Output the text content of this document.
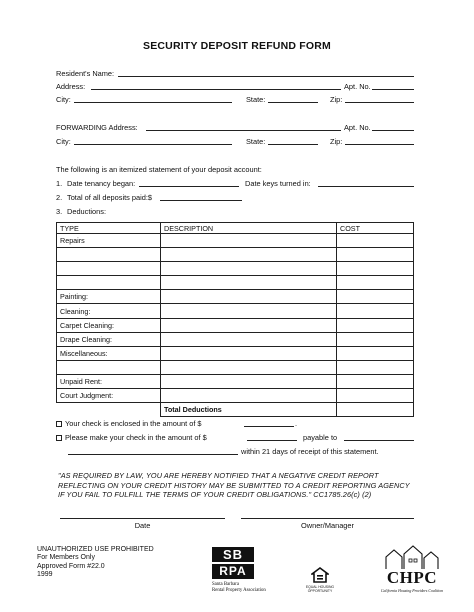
SECURITY DEPOSIT REFUND FORM
Resident's Name:
Address:	Apt. No.
City:	State:	Zip:
FORWARDING Address:	Apt. No.
City:	State:	Zip:
The following is an itemized statement of your deposit account:
1. Date tenancy began:	Date keys turned in:
2. Total of all deposits paid:$
3. Deductions:
TYPE	DESCRIPTION	COST
Repairs		

Painting:		
Cleaning:		
Carpet Cleaning:		
Drape Cleaning:		
Miscellaneous:		

Unpaid Rent:		
Court Judgment:		
	Total Deductions	
Your check is enclosed in the amount of $	.
Please make your check in the amount of $	payable to
within 21 days of receipt of this statement.
"AS REQUIRED BY LAW, YOU ARE HEREBY NOTIFIED THAT A NEGATIVE CREDIT REPORT
REFLECTING ON YOUR CREDIT HISTORY MAY BE SUBMITTED TO A CREDIT REPORTING AGENCY
IF YOU FAIL TO FULFILL THE TERMS OF YOUR CREDIT OBLIGATIONS." CC1785.26(c) (2)
Date	Owner/Manager
UNAUTHORIZED USE PROHIBITED
For Members Only
Approved Form #22.0
1999
SB
RPA
Santa Barbara
Rental Property Association
EQUAL HOUSING
OPPORTUNITY
CHPC
California Housing Providers Coalition
